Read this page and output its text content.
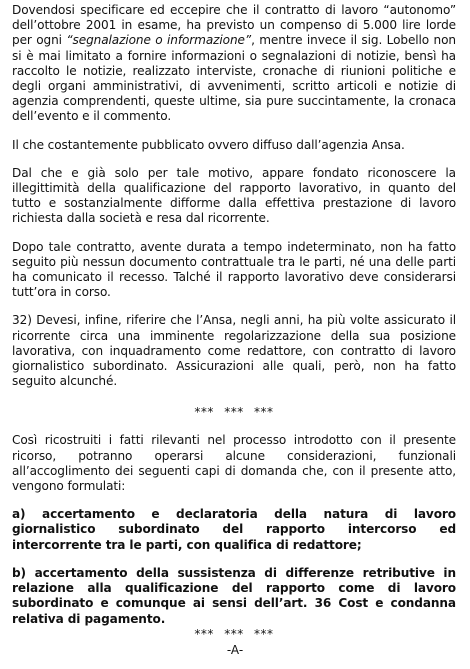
Dovendosi specificare ed eccepire che il contratto di lavoro “autonomo” dell’ottobre 2001 in esame, ha previsto un compenso di 5.000 lire lorde per ogni “segnalazione o informazione”, mentre invece il sig. Lobello non si è mai limitato a fornire informazioni o segnalazioni di notizie, bensì ha raccolto le notizie, realizzato interviste, cronache di riunioni politiche e degli organi amministrativi, di avvenimenti, scritto articoli e notizie di agenzia comprendenti, queste ultime, sia pure succintamente, la cronaca dell’evento e il commento.

Il che costantemente pubblicato ovvero diffuso dall’agenzia Ansa.

Dal che e già solo per tale motivo, appare fondato riconoscere la illegittimità della qualificazione del rapporto lavorativo, in quanto del tutto e sostanzialmente difforme dalla effettiva prestazione di lavoro richiesta dalla società e resa dal ricorrente.

Dopo tale contratto, avente durata a tempo indeterminato, non ha fatto seguito più nessun documento contrattuale tra le parti, né una delle parti ha comunicato il recesso. Talché il rapporto lavorativo deve considerarsi tutt’ora in corso.

32) Devesi, infine, riferire che l’Ansa, negli anni, ha più volte assicurato il ricorrente circa una imminente regolarizzazione della sua posizione lavorativa, con inquadramento come redattore, con contratto di lavoro giornalistico subordinato. Assicurazioni alle quali, però, non ha fatto seguito alcunché.

*** *** ***

Così ricostruiti i fatti rilevanti nel processo introdotto con il presente ricorso, potranno operarsi alcune considerazioni, funzionali all’accoglimento dei seguenti capi di domanda che, con il presente atto, vengono formulati:

a) accertamento e declaratoria della natura di lavoro giornalistico subordinato del rapporto intercorso ed intercorrente tra le parti, con qualifica di redattore;

b) accertamento della sussistenza di differenze retributive in relazione alla qualificazione del rapporto come di lavoro subordinato e comunque ai sensi dell’art. 36 Cost e condanna relativa di pagamento.

*** *** ***
-A-
